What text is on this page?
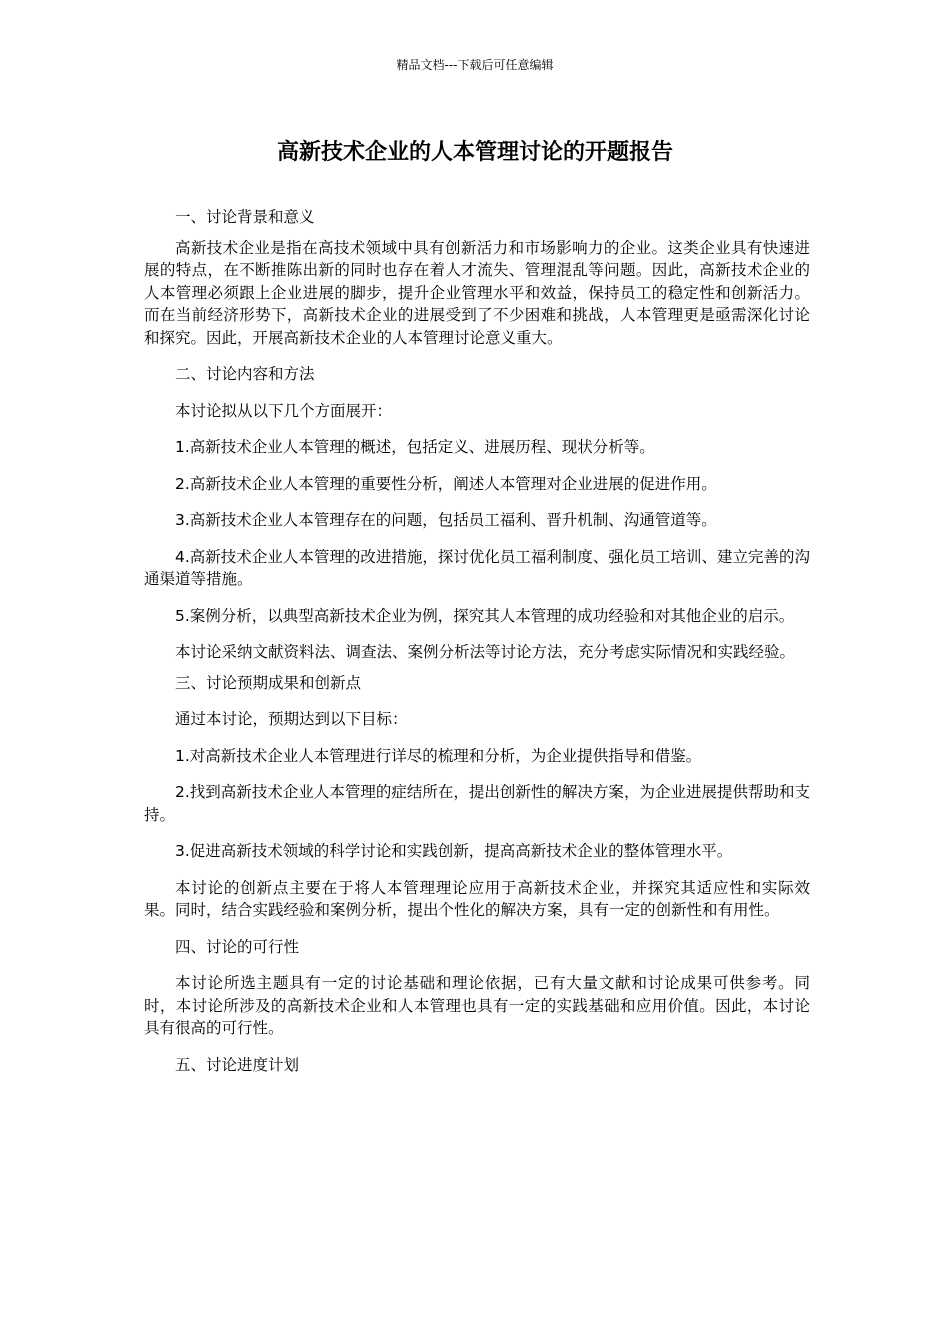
精品文档---下载后可任意编辑
高新技术企业的人本管理讨论的开题报告

一、讨论背景和意义

高新技术企业是指在高技术领域中具有创新活力和市场影响力的企业。这类企业具有快速进展的特点，在不断推陈出新的同时也存在着人才流失、管理混乱等问题。因此，高新技术企业的人本管理必须跟上企业进展的脚步，提升企业管理水平和效益，保持员工的稳定性和创新活力。而在当前经济形势下，高新技术企业的进展受到了不少困难和挑战，人本管理更是亟需深化讨论和探究。因此，开展高新技术企业的人本管理讨论意义重大。

二、讨论内容和方法

本讨论拟从以下几个方面展开：

1.高新技术企业人本管理的概述，包括定义、进展历程、现状分析等。

2.高新技术企业人本管理的重要性分析，阐述人本管理对企业进展的促进作用。

3.高新技术企业人本管理存在的问题，包括员工福利、晋升机制、沟通管道等。

4.高新技术企业人本管理的改进措施，探讨优化员工福利制度、强化员工培训、建立完善的沟通渠道等措施。

5.案例分析，以典型高新技术企业为例，探究其人本管理的成功经验和对其他企业的启示。

本讨论采纳文献资料法、调查法、案例分析法等讨论方法，充分考虑实际情况和实践经验。

三、讨论预期成果和创新点

通过本讨论，预期达到以下目标：

1.对高新技术企业人本管理进行详尽的梳理和分析，为企业提供指导和借鉴。

2.找到高新技术企业人本管理的症结所在，提出创新性的解决方案，为企业进展提供帮助和支持。

3.促进高新技术领域的科学讨论和实践创新，提高高新技术企业的整体管理水平。

本讨论的创新点主要在于将人本管理理论应用于高新技术企业，并探究其适应性和实际效果。同时，结合实践经验和案例分析，提出个性化的解决方案，具有一定的创新性和有用性。

四、讨论的可行性

本讨论所选主题具有一定的讨论基础和理论依据，已有大量文献和讨论成果可供参考。同时，本讨论所涉及的高新技术企业和人本管理也具有一定的实践基础和应用价值。因此，本讨论具有很高的可行性。

五、讨论进度计划
